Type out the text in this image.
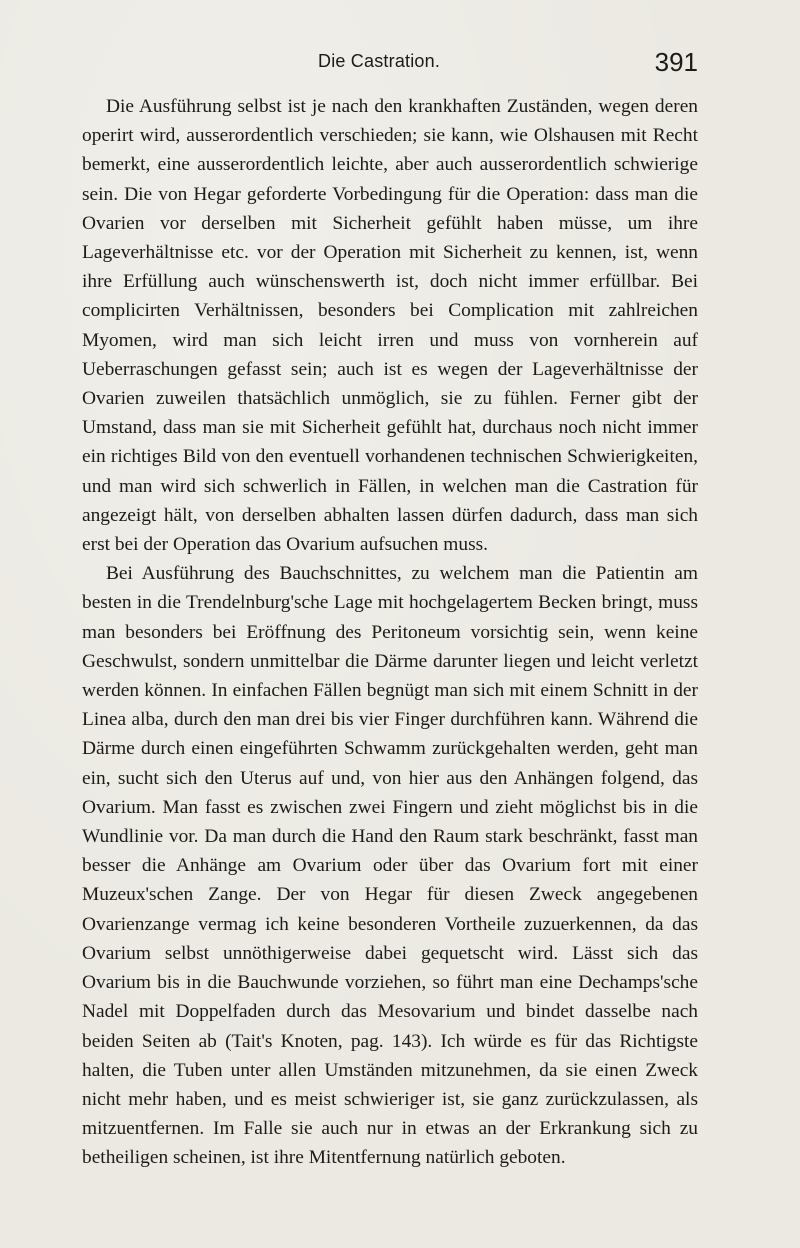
Die Castration.	391

Die Ausführung selbst ist je nach den krankhaften Zuständen, wegen deren operirt wird, ausserordentlich verschieden; sie kann, wie Olshausen mit Recht bemerkt, eine ausserordentlich leichte, aber auch ausserordentlich schwierige sein. Die von Hegar geforderte Vorbedingung für die Operation: dass man die Ovarien vor derselben mit Sicherheit gefühlt haben müsse, um ihre Lageverhältnisse etc. vor der Operation mit Sicherheit zu kennen, ist, wenn ihre Erfüllung auch wünschenswerth ist, doch nicht immer erfüllbar. Bei complicirten Verhältnissen, besonders bei Complication mit zahlreichen Myomen, wird man sich leicht irren und muss von vornherein auf Ueberraschungen gefasst sein; auch ist es wegen der Lageverhältnisse der Ovarien zuweilen thatsächlich unmöglich, sie zu fühlen. Ferner gibt der Umstand, dass man sie mit Sicherheit gefühlt hat, durchaus noch nicht immer ein richtiges Bild von den eventuell vorhandenen technischen Schwierigkeiten, und man wird sich schwerlich in Fällen, in welchen man die Castration für angezeigt hält, von derselben abhalten lassen dürfen dadurch, dass man sich erst bei der Operation das Ovarium aufsuchen muss.

Bei Ausführung des Bauchschnittes, zu welchem man die Patientin am besten in die Trendelnburg'sche Lage mit hochgelagertem Becken bringt, muss man besonders bei Eröffnung des Peritoneum vorsichtig sein, wenn keine Geschwulst, sondern unmittelbar die Därme darunter liegen und leicht verletzt werden können. In einfachen Fällen begnügt man sich mit einem Schnitt in der Linea alba, durch den man drei bis vier Finger durchführen kann. Während die Därme durch einen eingeführten Schwamm zurückgehalten werden, geht man ein, sucht sich den Uterus auf und, von hier aus den Anhängen folgend, das Ovarium. Man fasst es zwischen zwei Fingern und zieht möglichst bis in die Wundlinie vor. Da man durch die Hand den Raum stark beschränkt, fasst man besser die Anhänge am Ovarium oder über das Ovarium fort mit einer Muzeux'schen Zange. Der von Hegar für diesen Zweck angegebenen Ovarienzange vermag ich keine besonderen Vortheile zuzuerkennen, da das Ovarium selbst unnöthigerweise dabei gequetscht wird. Lässt sich das Ovarium bis in die Bauchwunde vorziehen, so führt man eine Dechamps'sche Nadel mit Doppelfaden durch das Mesovarium und bindet dasselbe nach beiden Seiten ab (Tait's Knoten, pag. 143). Ich würde es für das Richtigste halten, die Tuben unter allen Umständen mitzunehmen, da sie einen Zweck nicht mehr haben, und es meist schwieriger ist, sie ganz zurückzulassen, als mitzuentfernen. Im Falle sie auch nur in etwas an der Erkrankung sich zu betheiligen scheinen, ist ihre Mitentfernung natürlich geboten.
